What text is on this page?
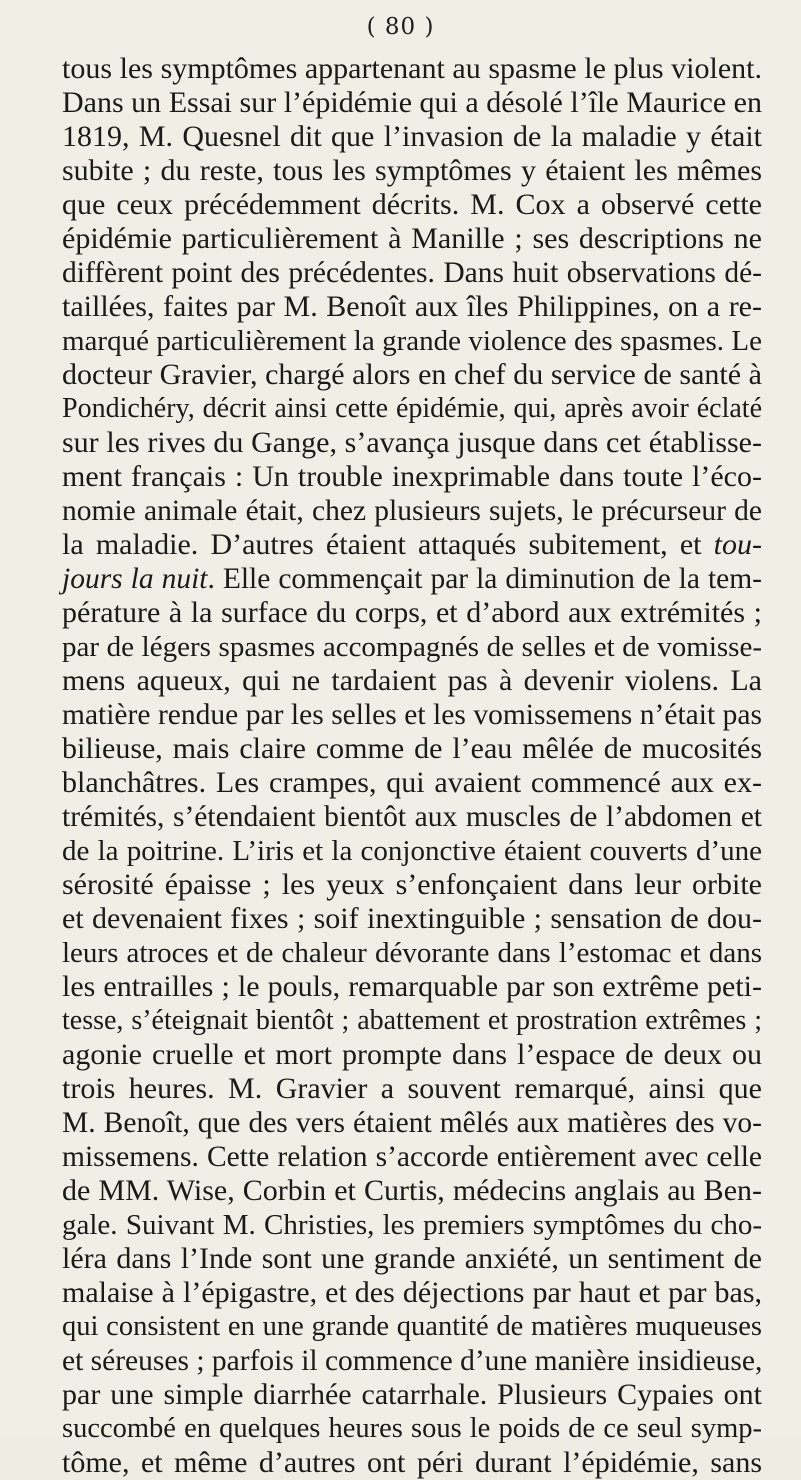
( 80 )
tous les symptômes appartenant au spasme le plus violent.
Dans un Essai sur l’épidémie qui a désolé l’île Maurice en
1819, M. Quesnel dit que l’invasion de la maladie y était
subite ; du reste, tous les symptômes y étaient les mêmes
que ceux précédemment décrits. M. Cox a observé cette
épidémie particulièrement à Manille ; ses descriptions ne
diffèrent point des précédentes. Dans huit observations dé-
taillées, faites par M. Benoît aux îles Philippines, on a re-
marqué particulièrement la grande violence des spasmes. Le
docteur Gravier, chargé alors en chef du service de santé à
Pondichéry, décrit ainsi cette épidémie, qui, après avoir éclaté
sur les rives du Gange, s’avança jusque dans cet établisse-
ment français : Un trouble inexprimable dans toute l’éco-
nomie animale était, chez plusieurs sujets, le précurseur de
la maladie. D’autres étaient attaqués subitement, et tou-
jours la nuit. Elle commençait par la diminution de la tem-
pérature à la surface du corps, et d’abord aux extrémités ;
par de légers spasmes accompagnés de selles et de vomisse-
mens aqueux, qui ne tardaient pas à devenir violens. La
matière rendue par les selles et les vomissemens n’était pas
bilieuse, mais claire comme de l’eau mêlée de mucosités
blanchâtres. Les crampes, qui avaient commencé aux ex-
trémités, s’étendaient bientôt aux muscles de l’abdomen et
de la poitrine. L’iris et la conjonctive étaient couverts d’une
sérosité épaisse ; les yeux s’enfonçaient dans leur orbite
et devenaient fixes ; soif inextinguible ; sensation de dou-
leurs atroces et de chaleur dévorante dans l’estomac et dans
les entrailles ; le pouls, remarquable par son extrême peti-
tesse, s’éteignait bientôt ; abattement et prostration extrêmes ;
agonie cruelle et mort prompte dans l’espace de deux ou
trois heures. M. Gravier a souvent remarqué, ainsi que
M. Benoît, que des vers étaient mêlés aux matières des vo-
missemens. Cette relation s’accorde entièrement avec celle
de MM. Wise, Corbin et Curtis, médecins anglais au Ben-
gale. Suivant M. Christies, les premiers symptômes du cho-
léra dans l’Inde sont une grande anxiété, un sentiment de
malaise à l’épigastre, et des déjections par haut et par bas,
qui consistent en une grande quantité de matières muqueuses
et séreuses ; parfois il commence d’une manière insidieuse,
par une simple diarrhée catarrhale. Plusieurs Cypaies ont
succombé en quelques heures sous le poids de ce seul symp-
tôme, et même d’autres ont péri durant l’épidémie, sans
